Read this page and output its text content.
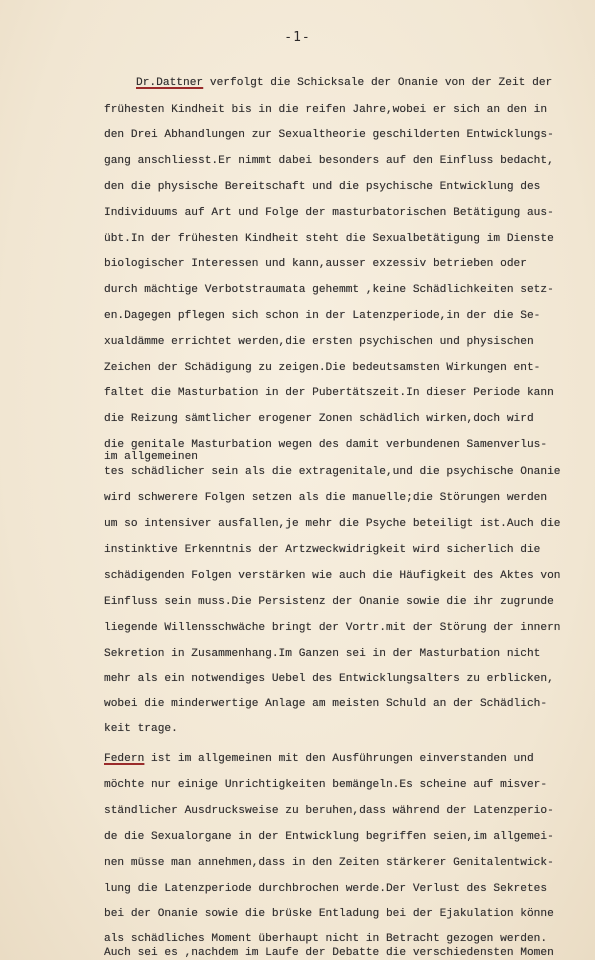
-1-
Dr.Dattner verfolgt die Schicksale der Onanie von der Zeit der
frühesten Kindheit bis in die reifen Jahre,wobei er sich an den in
den Drei Abhandlungen zur Sexualtheorie geschilderten Entwicklungs-
gang anschliesst.Er nimmt dabei besonders auf den Einfluss bedacht,
den die physische Bereitschaft und die psychische Entwicklung des
Individuums auf Art und Folge der masturbatorischen Betätigung aus-
übt.In der frühesten Kindheit steht die Sexualbetätigung im Dienste
biologischer Interessen und kann,ausser exzessiv betrieben oder
durch mächtige Verbotstraumata gehemmt ,keine Schädlichkeiten setz-
en.Dagegen pflegen sich schon in der Latenzperiode,in der die Se-
xualdämme errichtet werden,die ersten psychischen und physischen
Zeichen der Schädigung zu zeigen.Die bedeutsamsten Wirkungen ent-
faltet die Masturbation in der Pubertätszeit.In dieser Periode kann
die Reizung sämtlicher erogener Zonen schädlich wirken,doch wird
die genitale Masturbation wegen des damit verbundenen Samenverlus-
im allgemeinen
tes schädlicher sein als die extragenitale,und die psychische Onanie
wird schwerere Folgen setzen als die manuelle;die Störungen werden
um so intensiver ausfallen,je mehr die Psyche beteiligt ist.Auch die
instinktive Erkenntnis der Artzweckwidrigkeit wird sicherlich die
schädigenden Folgen verstärken wie auch die Häufigkeit des Aktes von
Einfluss sein muss.Die Persistenz der Onanie sowie die ihr zugrunde
liegende Willensschwäche bringt der Vortr.mit der Störung der innern
Sekretion in Zusammenhang.Im Ganzen sei in der Masturbation nicht
mehr als ein notwendiges Uebel des Entwicklungsalters zu erblicken,
wobei die minderwertige Anlage am meisten Schuld an der Schädlich-
keit trage.
Federn ist im allgemeinen mit den Ausführungen einverstanden und
möchte nur einige Unrichtigkeiten bemängeln.Es scheine auf misver-
ständlicher Ausdrucksweise zu beruhen,dass während der Latenzperio-
de die Sexualorgane in der Entwicklung begriffen seien,im allgemei-
nen müsse man annehmen,dass in den Zeiten stärkerer Genitalentwick-
lung die Latenzperiode durchbrochen werde.Der Verlust des Sekretes
bei der Onanie sowie die brüske Entladung bei der Ejakulation könne
als schädliches Moment überhaupt nicht in Betracht gezogen werden.
Auch sei es ,nachdem im Laufe der Debatte die verschiedensten Momen
